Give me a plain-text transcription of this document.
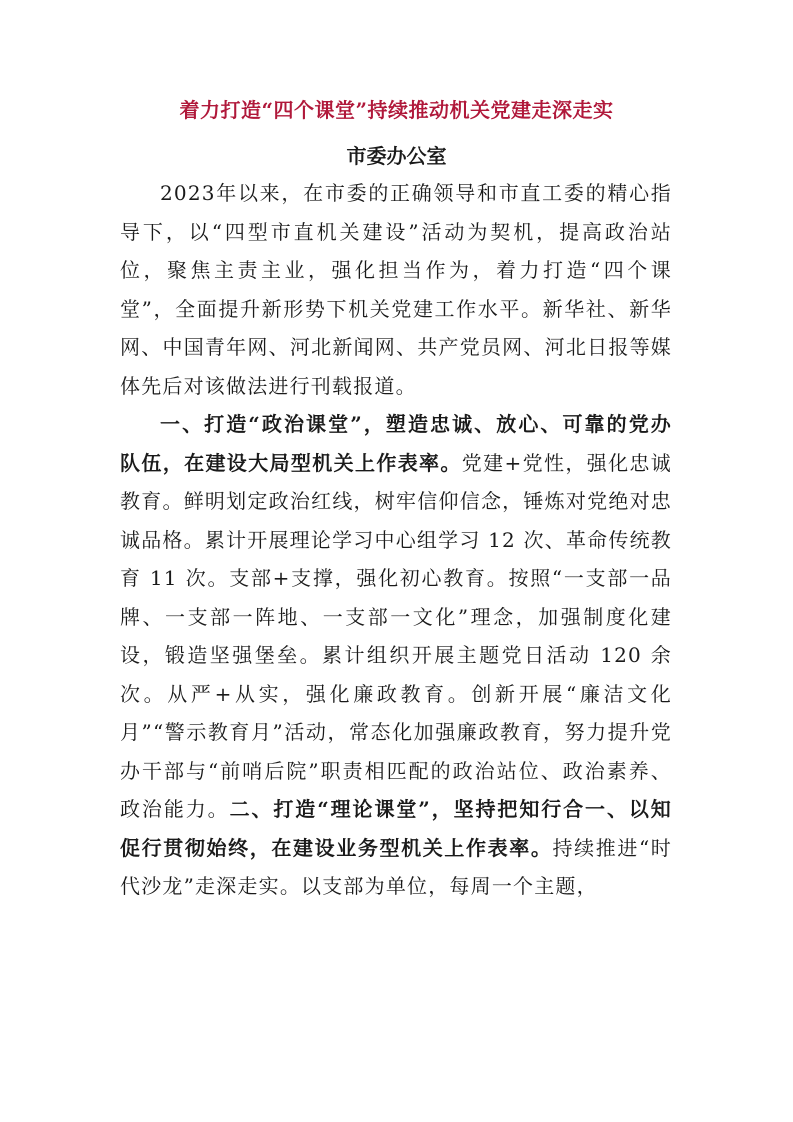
着力打造“四个课堂”持续推动机关党建走深走实
市委办公室

2023年以来，在市委的正确领导和市直工委的精心指导下，以“四型市直机关建设”活动为契机，提高政治站位，聚焦主责主业，强化担当作为，着力打造“四个课堂”，全面提升新形势下机关党建工作水平。新华社、新华网、中国青年网、河北新闻网、共产党员网、河北日报等媒体先后对该做法进行刊载报道。

一、打造“政治课堂”，塑造忠诚、放心、可靠的党办队伍，在建设大局型机关上作表率。党建+党性，强化忠诚教育。鲜明划定政治红线，树牢信仰信念，锤炼对党绝对忠诚品格。累计开展理论学习中心组学习 12 次、革命传统教育 11 次。支部+支撑，强化初心教育。按照“一支部一品牌、一支部一阵地、一支部一文化”理念，加强制度化建设，锻造坚强堡垒。累计组织开展主题党日活动 120 余次。从严+从实，强化廉政教育。创新开展“廉洁文化月”“警示教育月”活动，常态化加强廉政教育，努力提升党办干部与“前哨后院”职责相匹配的政治站位、政治素养、政治能力。二、打造“理论课堂”，坚持把知行合一、以知促行贯彻始终，在建设业务型机关上作表率。持续推进“时代沙龙”走深走实。以支部为单位，每周一个主题，
